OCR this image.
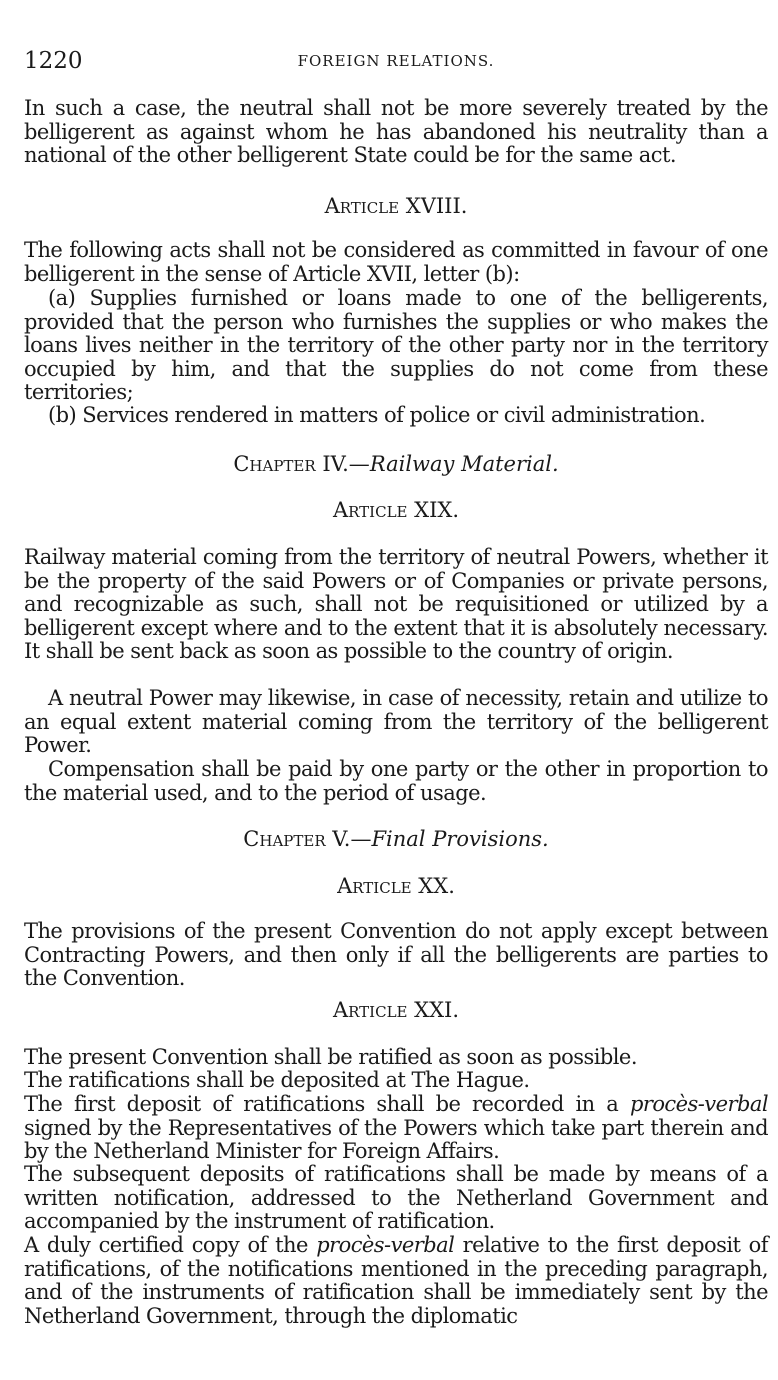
1220	FOREIGN RELATIONS.

In such a case, the neutral shall not be more severely treated by the belligerent as against whom he has abandoned his neutrality than a national of the other belligerent State could be for the same act.

Article XVIII.

The following acts shall not be considered as committed in favour of one belligerent in the sense of Article XVII, letter (b):

(a) Supplies furnished or loans made to one of the belligerents, provided that the person who furnishes the supplies or who makes the loans lives neither in the territory of the other party nor in the territory occupied by him, and that the supplies do not come from these territories;

(b) Services rendered in matters of police or civil administration.

Chapter IV.—Railway Material.
Article XIX.

Railway material coming from the territory of neutral Powers, whether it be the property of the said Powers or of Companies or private persons, and recognizable as such, shall not be requisitioned or utilized by a belligerent except where and to the extent that it is absolutely necessary. It shall be sent back as soon as possible to the country of origin.

A neutral Power may likewise, in case of necessity, retain and utilize to an equal extent material coming from the territory of the belligerent Power.

Compensation shall be paid by one party or the other in proportion to the material used, and to the period of usage.

Chapter V.—Final Provisions.
Article XX.

The provisions of the present Convention do not apply except between Contracting Powers, and then only if all the belligerents are parties to the Convention.

Article XXI.

The present Convention shall be ratified as soon as possible.

The ratifications shall be deposited at The Hague.

The first deposit of ratifications shall be recorded in a procès-verbal signed by the Representatives of the Powers which take part therein and by the Netherland Minister for Foreign Affairs.

The subsequent deposits of ratifications shall be made by means of a written notification, addressed to the Netherland Government and accompanied by the instrument of ratification.

A duly certified copy of the procès-verbal relative to the first deposit of ratifications, of the notifications mentioned in the preceding paragraph, and of the instruments of ratification shall be immediately sent by the Netherland Government, through the diplomatic
